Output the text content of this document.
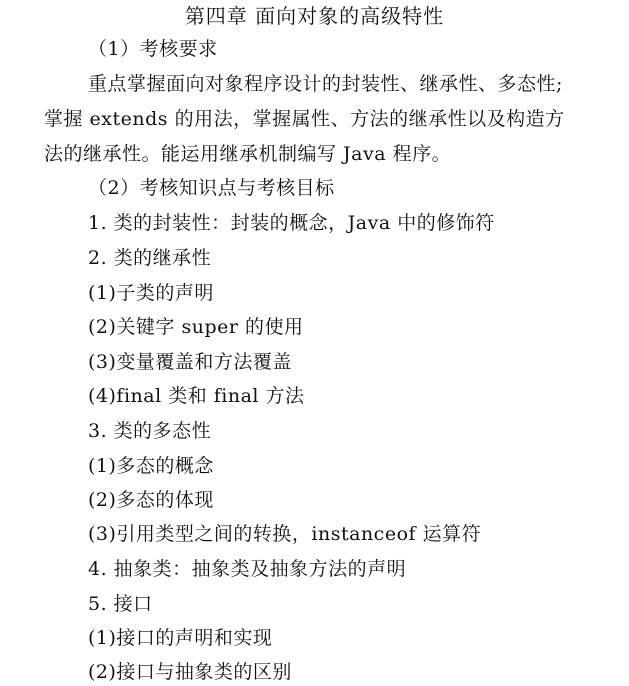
第四章 面向对象的高级特性
（1）考核要求
重点掌握面向对象程序设计的封装性、继承性、多态性;
掌握 extends 的用法，掌握属性、方法的继承性以及构造方
法的继承性。能运用继承机制编写 Java 程序。
（2）考核知识点与考核目标
1. 类的封装性：封装的概念，Java 中的修饰符
2. 类的继承性
(1)子类的声明
(2)关键字 super 的使用
(3)变量覆盖和方法覆盖
(4)final 类和 final 方法
3. 类的多态性
(1)多态的概念
(2)多态的体现
(3)引用类型之间的转换，instanceof 运算符
4. 抽象类：抽象类及抽象方法的声明
5. 接口
(1)接口的声明和实现
(2)接口与抽象类的区别
